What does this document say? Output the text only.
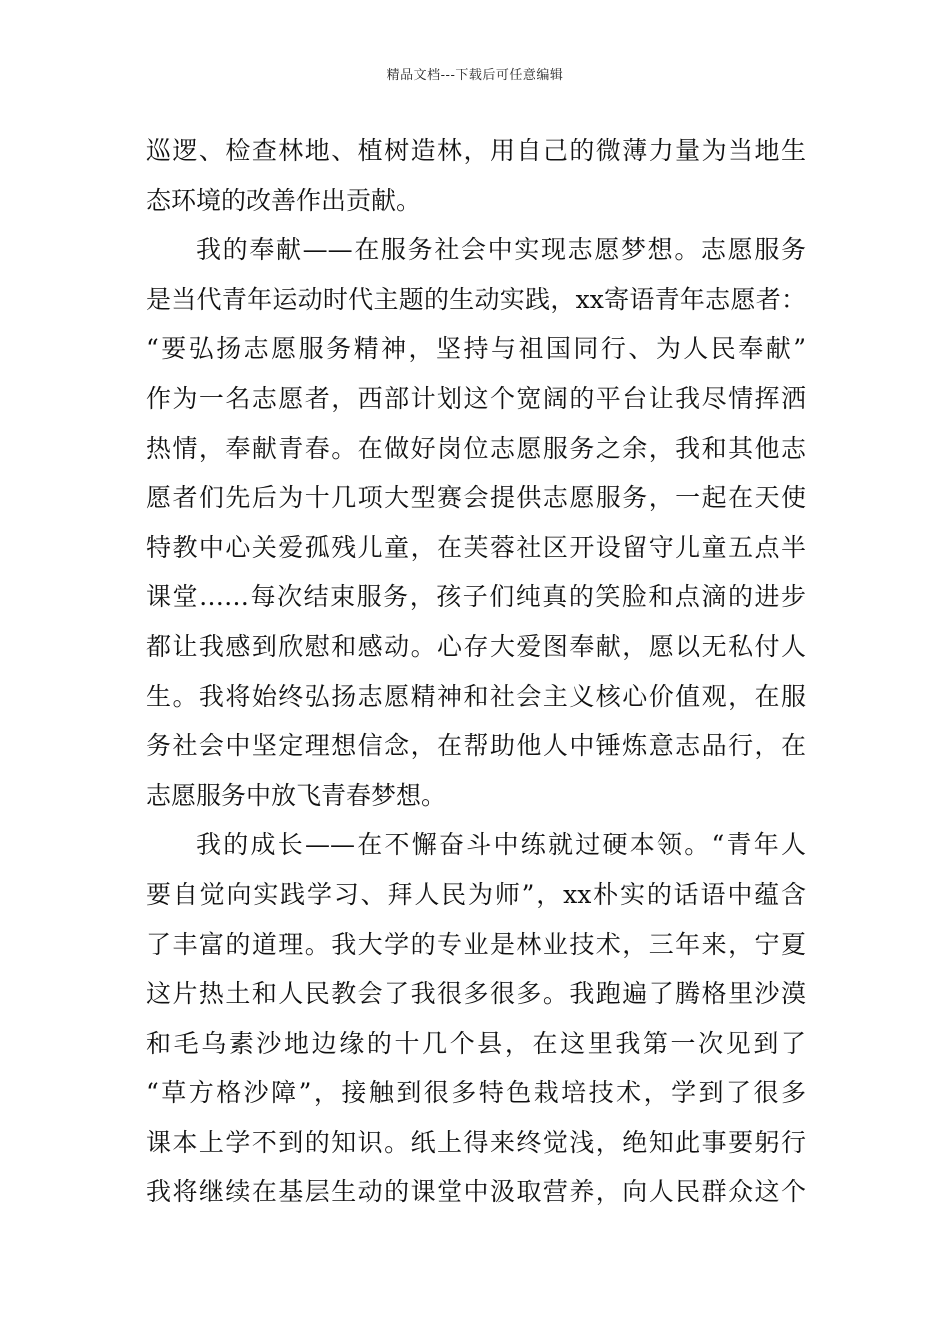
精品文档---下载后可任意编辑
巡逻、检查林地、植树造林，用自己的微薄力量为当地生
态环境的改善作出贡献。
我的奉献——在服务社会中实现志愿梦想。志愿服务
是当代青年运动时代主题的生动实践，xx寄语青年志愿者：
“要弘扬志愿服务精神，坚持与祖国同行、为人民奉献”
作为一名志愿者，西部计划这个宽阔的平台让我尽情挥洒
热情，奉献青春。在做好岗位志愿服务之余，我和其他志
愿者们先后为十几项大型赛会提供志愿服务，一起在天使
特教中心关爱孤残儿童，在芙蓉社区开设留守儿童五点半
课堂……每次结束服务，孩子们纯真的笑脸和点滴的进步
都让我感到欣慰和感动。心存大爱图奉献，愿以无私付人
生。我将始终弘扬志愿精神和社会主义核心价值观，在服
务社会中坚定理想信念，在帮助他人中锤炼意志品行，在
志愿服务中放飞青春梦想。
我的成长——在不懈奋斗中练就过硬本领。“青年人
要自觉向实践学习、拜人民为师”，xx朴实的话语中蕴含
了丰富的道理。我大学的专业是林业技术，三年来，宁夏
这片热土和人民教会了我很多很多。我跑遍了腾格里沙漠
和毛乌素沙地边缘的十几个县，在这里我第一次见到了
“草方格沙障”，接触到很多特色栽培技术，学到了很多
课本上学不到的知识。纸上得来终觉浅，绝知此事要躬行
我将继续在基层生动的课堂中汲取营养，向人民群众这个
